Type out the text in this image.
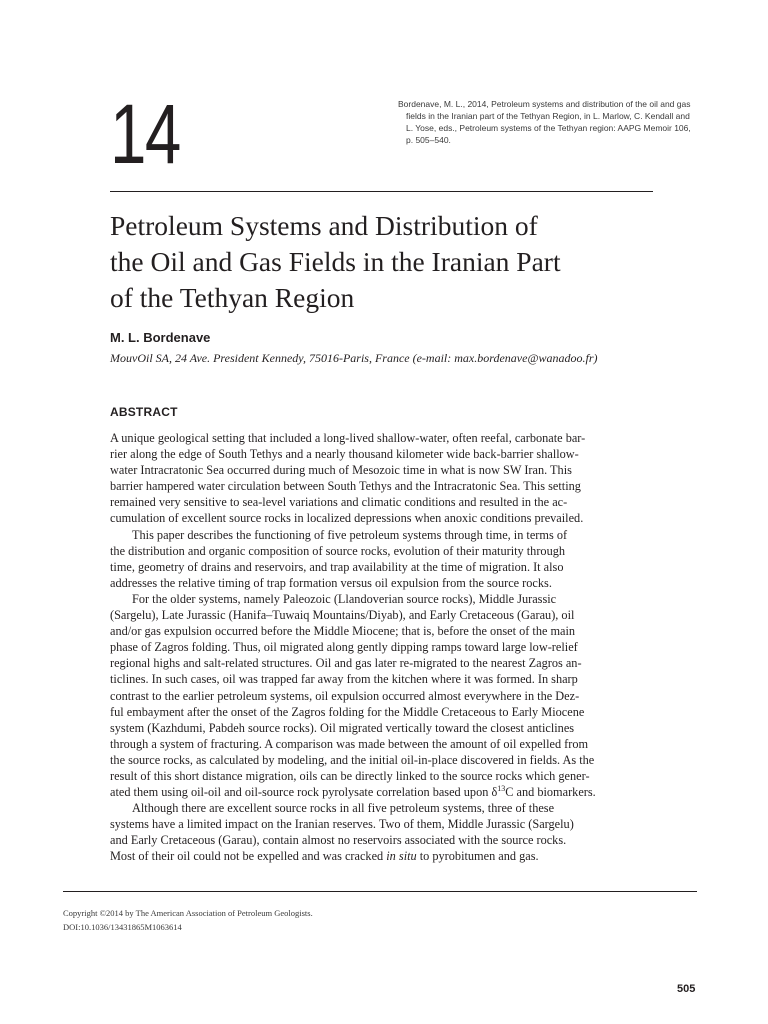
14	Bordenave, M. L., 2014, Petroleum systems and distribution of the oil and gas
fields in the Iranian part of the Tethyan Region, in L. Marlow, C. Kendall and
L. Yose, eds., Petroleum systems of the Tethyan region: AAPG Memoir 106,
p. 505–540.
Petroleum Systems and Distribution of
the Oil and Gas Fields in the Iranian Part
of the Tethyan Region
M. L. Bordenave
MouvOil SA, 24 Ave. President Kennedy, 75016-Paris, France (e-mail: max.bordenave@wanadoo.fr)
ABSTRACT
A unique geological setting that included a long-lived shallow-water, often reefal, carbonate bar-
rier along the edge of South Tethys and a nearly thousand kilometer wide back-barrier shallow-
water Intracratonic Sea occurred during much of Mesozoic time in what is now SW Iran. This
barrier hampered water circulation between South Tethys and the Intracratonic Sea. This setting
remained very sensitive to sea-level variations and climatic conditions and resulted in the ac-
cumulation of excellent source rocks in localized depressions when anoxic conditions prevailed.
This paper describes the functioning of five petroleum systems through time, in terms of
the distribution and organic composition of source rocks, evolution of their maturity through
time, geometry of drains and reservoirs, and trap availability at the time of migration. It also
addresses the relative timing of trap formation versus oil expulsion from the source rocks.
For the older systems, namely Paleozoic (Llandoverian source rocks), Middle Jurassic
(Sargelu), Late Jurassic (Hanifa–Tuwaiq Mountains/Diyab), and Early Cretaceous (Garau), oil
and/or gas expulsion occurred before the Middle Miocene; that is, before the onset of the main
phase of Zagros folding. Thus, oil migrated along gently dipping ramps toward large low-relief
regional highs and salt-related structures. Oil and gas later re-migrated to the nearest Zagros an-
ticlines. In such cases, oil was trapped far away from the kitchen where it was formed. In sharp
contrast to the earlier petroleum systems, oil expulsion occurred almost everywhere in the Dez-
ful embayment after the onset of the Zagros folding for the Middle Cretaceous to Early Miocene
system (Kazhdumi, Pabdeh source rocks). Oil migrated vertically toward the closest anticlines
through a system of fracturing. A comparison was made between the amount of oil expelled from
the source rocks, as calculated by modeling, and the initial oil-in-place discovered in fields. As the
result of this short distance migration, oils can be directly linked to the source rocks which gener-
ated them using oil-oil and oil-source rock pyrolysate correlation based upon $\delta^{13}C$ and biomarkers.
Although there are excellent source rocks in all five petroleum systems, three of these
systems have a limited impact on the Iranian reserves. Two of them, Middle Jurassic (Sargelu)
and Early Cretaceous (Garau), contain almost no reservoirs associated with the source rocks.
Most of their oil could not be expelled and was cracked in situ to pyrobitumen and gas.
Copyright ©2014 by The American Association of Petroleum Geologists.
DOI:10.1036/13431865M1063614
505
